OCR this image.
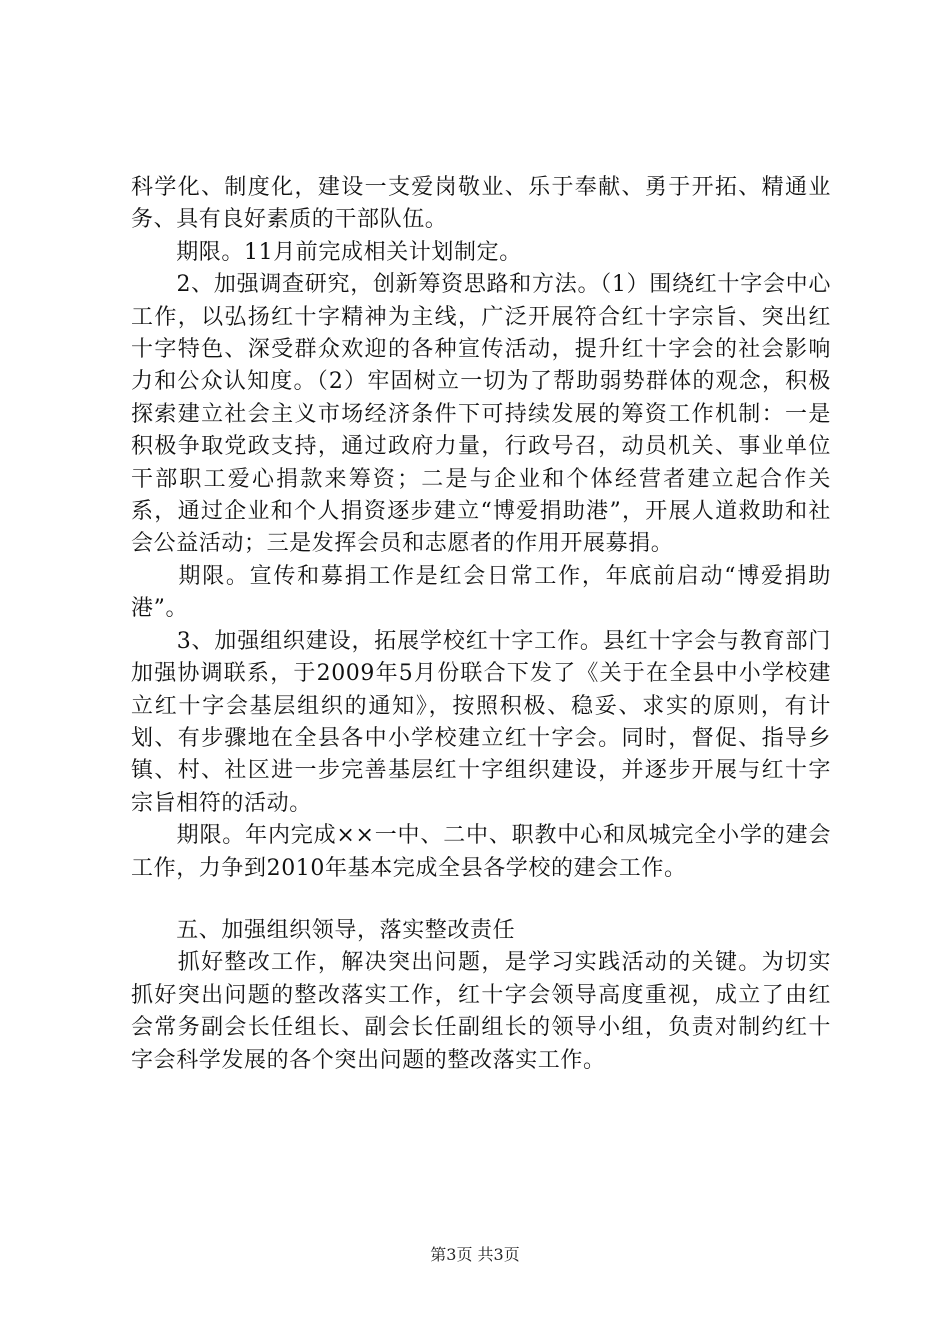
科学化、制度化，建设一支爱岗敬业、乐于奉献、勇于开拓、精通业务、具有良好素质的干部队伍。

　　期限。11月前完成相关计划制定。

　　2、加强调查研究，创新筹资思路和方法。（1）围绕红十字会中心工作，以弘扬红十字精神为主线，广泛开展符合红十字宗旨、突出红十字特色、深受群众欢迎的各种宣传活动，提升红十字会的社会影响力和公众认知度。（2）牢固树立一切为了帮助弱势群体的观念，积极探索建立社会主义市场经济条件下可持续发展的筹资工作机制：一是积极争取党政支持，通过政府力量，行政号召，动员机关、事业单位干部职工爱心捐款来筹资；二是与企业和个体经营者建立起合作关系，通过企业和个人捐资逐步建立“博爱捐助港”，开展人道救助和社会公益活动；三是发挥会员和志愿者的作用开展募捐。

　　期限。宣传和募捐工作是红会日常工作，年底前启动“博爱捐助港”。

　　3、加强组织建设，拓展学校红十字工作。县红十字会与教育部门加强协调联系，于2009年5月份联合下发了《关于在全县中小学校建立红十字会基层组织的通知》，按照积极、稳妥、求实的原则，有计划、有步骤地在全县各中小学校建立红十字会。同时，督促、指导乡镇、村、社区进一步完善基层红十字组织建设，并逐步开展与红十字宗旨相符的活动。

　　期限。年内完成××一中、二中、职教中心和凤城完全小学的建会工作，力争到2010年基本完成全县各学校的建会工作。

　　五、加强组织领导，落实整改责任

　　抓好整改工作，解决突出问题，是学习实践活动的关键。为切实抓好突出问题的整改落实工作，红十字会领导高度重视，成立了由红会常务副会长任组长、副会长任副组长的领导小组，负责对制约红十字会科学发展的各个突出问题的整改落实工作。

第3页 共3页
